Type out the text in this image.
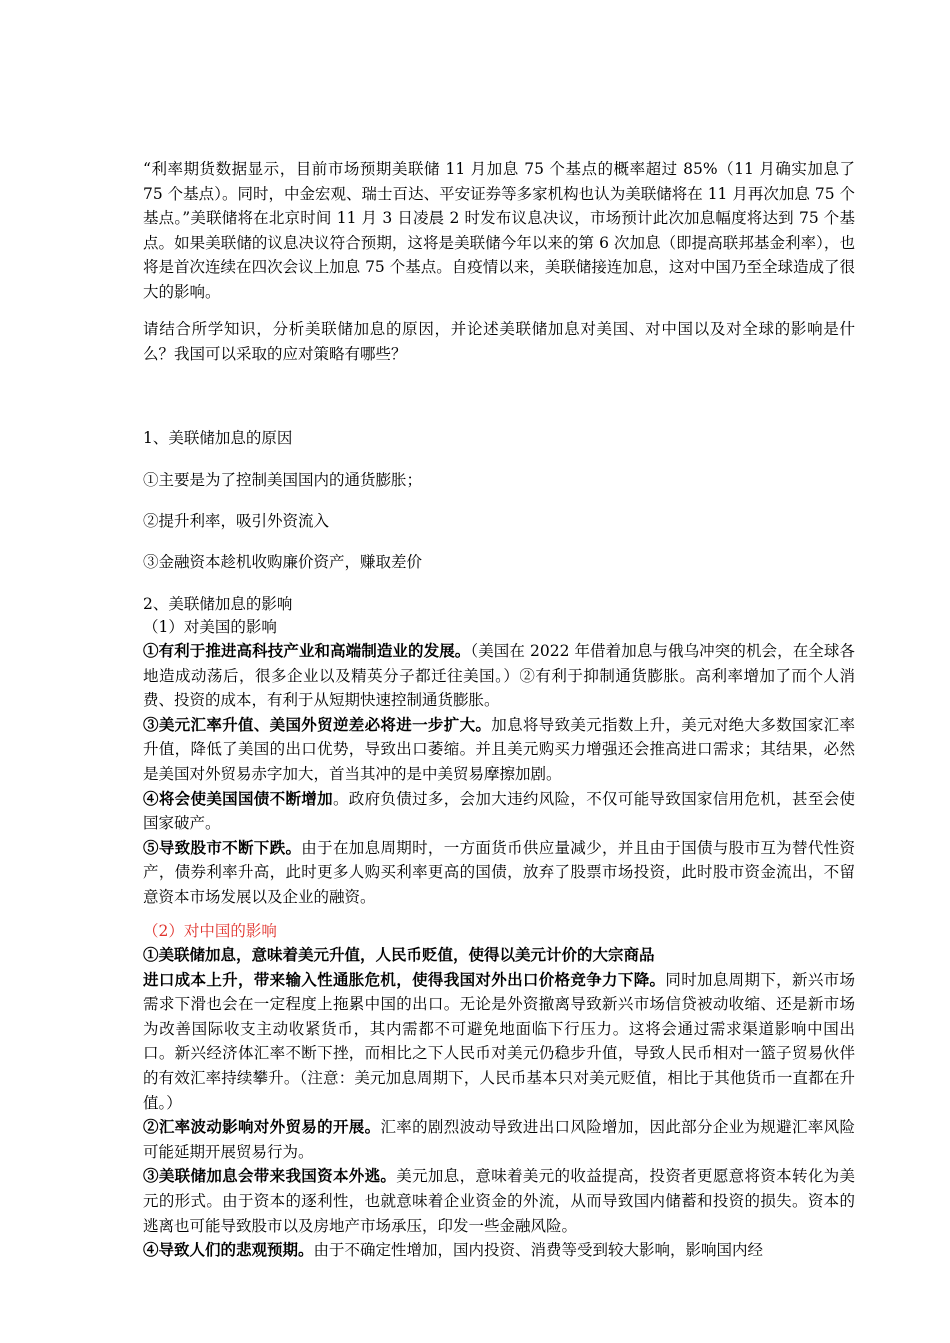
“利率期货数据显示，目前市场预期美联储 11 月加息 75 个基点的概率超过 85%（11 月确实加息了 75 个基点）。同时，中金宏观、瑞士百达、平安证券等多家机构也认为美联储将在 11 月再次加息 75 个基点。”美联储将在北京时间 11 月 3 日凌晨 2 时发布议息决议，市场预计此次加息幅度将达到 75 个基点。如果美联储的议息决议符合预期，这将是美联储今年以来的第 6 次加息（即提高联邦基金利率），也将是首次连续在四次会议上加息 75 个基点。自疫情以来，美联储接连加息，这对中国乃至全球造成了很大的影响。

请结合所学知识，分析美联储加息的原因，并论述美联储加息对美国、对中国以及对全球的影响是什么？我国可以采取的应对策略有哪些？

1、美联储加息的原因

①主要是为了控制美国国内的通货膨胀；

②提升利率，吸引外资流入

③金融资本趁机收购廉价资产，赚取差价

2、美联储加息的影响

（1）对美国的影响

①有利于推进高科技产业和高端制造业的发展。（美国在 2022 年借着加息与俄乌冲突的机会，在全球各地造成动荡后，很多企业以及精英分子都迁往美国。）②有利于抑制通货膨胀。高利率增加了而个人消费、投资的成本，有利于从短期快速控制通货膨胀。

③美元汇率升值、美国外贸逆差必将进一步扩大。加息将导致美元指数上升，美元对绝大多数国家汇率升值，降低了美国的出口优势，导致出口萎缩。并且美元购买力增强还会推高进口需求；其结果，必然是美国对外贸易赤字加大，首当其冲的是中美贸易摩擦加剧。

④将会使美国国债不断增加。政府负债过多，会加大违约风险，不仅可能导致国家信用危机，甚至会使国家破产。

⑤导致股市不断下跌。由于在加息周期时，一方面货币供应量减少，并且由于国债与股市互为替代性资产，债券利率升高，此时更多人购买利率更高的国债，放弃了股票市场投资，此时股市资金流出，不留意资本市场发展以及企业的融资。

（2）对中国的影响

①美联储加息，意味着美元升值，人民币贬值，使得以美元计价的大宗商品

进口成本上升，带来输入性通胀危机，使得我国对外出口价格竞争力下降。同时加息周期下，新兴市场需求下滑也会在一定程度上拖累中国的出口。无论是外资撤离导致新兴市场信贷被动收缩、还是新市场为改善国际收支主动收紧货币，其内需都不可避免地面临下行压力。这将会通过需求渠道影响中国出口。新兴经济体汇率不断下挫，而相比之下人民币对美元仍稳步升值，导致人民币相对一篮子贸易伙伴的有效汇率持续攀升。（注意：美元加息周期下，人民币基本只对美元贬值，相比于其他货币一直都在升值。）

②汇率波动影响对外贸易的开展。汇率的剧烈波动导致进出口风险增加，因此部分企业为规避汇率风险可能延期开展贸易行为。

③美联储加息会带来我国资本外逃。美元加息，意味着美元的收益提高，投资者更愿意将资本转化为美元的形式。由于资本的逐利性，也就意味着企业资金的外流，从而导致国内储蓄和投资的损失。资本的逃离也可能导致股市以及房地产市场承压，印发一些金融风险。

④导致人们的悲观预期。由于不确定性增加，国内投资、消费等受到较大影响，影响国内经
